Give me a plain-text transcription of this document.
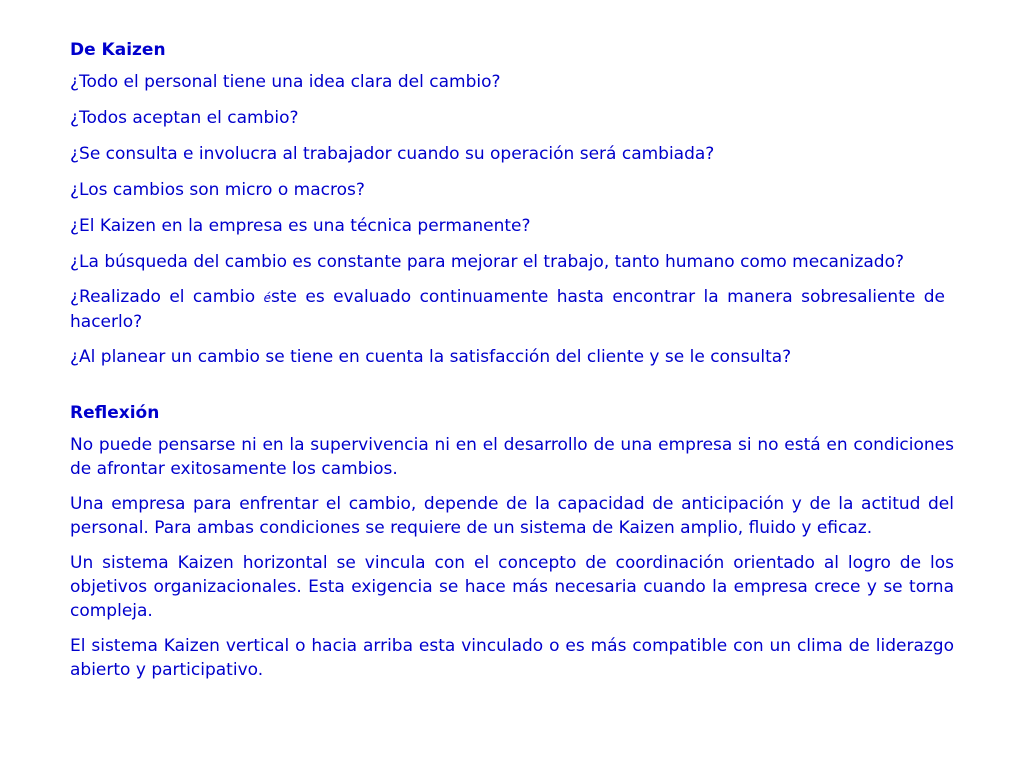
De Kaizen
¿Todo el personal tiene una idea clara del cambio?
¿Todos aceptan el cambio?
¿Se consulta e involucra al trabajador cuando su operación será cambiada?
¿Los cambios son micro o macros?
¿El Kaizen en la empresa es una técnica permanente?
¿La búsqueda del cambio es constante para mejorar el trabajo, tanto humano como mecanizado?
¿Realizado el cambio éste es evaluado continuamente hasta encontrar la manera sobresaliente de hacerlo?
¿Al planear un cambio se tiene en cuenta la satisfacción del cliente y se le consulta?
Reflexión
No puede pensarse ni en la supervivencia ni en el desarrollo de una empresa si no está en condiciones de afrontar exitosamente los cambios.
Una empresa para enfrentar el cambio, depende de la capacidad de anticipación y de la actitud del personal. Para ambas condiciones se requiere de un sistema de Kaizen amplio, fluido y eficaz.
Un sistema Kaizen horizontal se vincula con el concepto de coordinación orientado al logro de los objetivos organizacionales. Esta exigencia se hace más necesaria cuando la empresa crece y se torna compleja.
El sistema Kaizen vertical o hacia arriba esta vinculado o es más compatible con un clima de liderazgo abierto y participativo.
